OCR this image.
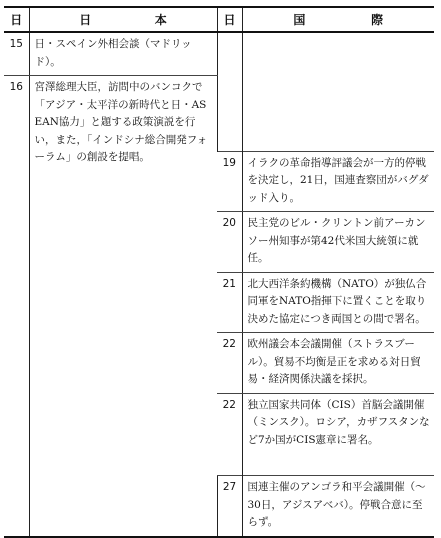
日	日 本	日	国 際

15	日・スペイン外相会談（マドリッド）。		
16	宮澤総理大臣，訪問中のバンコクで「アジア・太平洋の新時代と日・ASEAN協力」と題する政策演説を行い，また，「インドシナ総合開発フォーラム」の創設を提唱。		
		19	イラクの革命指導評議会が一方的停戦を決定し，21日，国連査察団がバグダッド入り。
		20	民主党のビル・クリントン前アーカンソー州知事が第42代米国大統領に就任。
		21	北大西洋条約機構（NATO）が独仏合同軍をNATO指揮下に置くことを取り決めた協定につき両国との間で署名。
		22	欧州議会本会議開催（ストラスブール）。貿易不均衡是正を求める対日貿易・経済関係決議を採択。
		22	独立国家共同体（CIS）首脳会議開催（ミンスク）。ロシア，カザフスタンなど7か国がCIS憲章に署名。

		27	国連主催のアンゴラ和平会議開催（～30日，アジスアベバ）。停戦合意に至らず。
